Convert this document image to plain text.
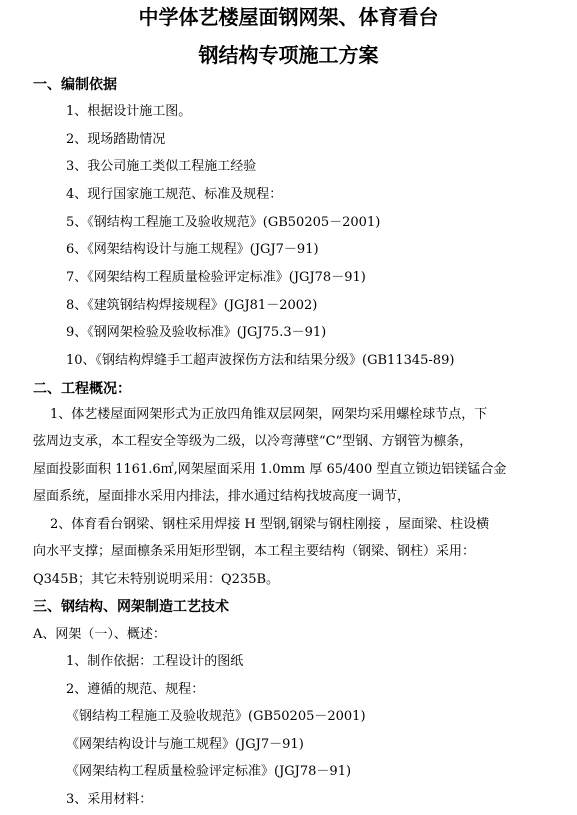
中学体艺楼屋面钢网架、体育看台
钢结构专项施工方案
一、编制依据
1、根据设计施工图。
2、现场踏勘情况
3、我公司施工类似工程施工经验
4、现行国家施工规范、标准及规程：
5、《钢结构工程施工及验收规范》(GB50205－2001)
6、《网架结构设计与施工规程》(JGJ7－91)
7、《网架结构工程质量检验评定标准》(JGJ78－91)
8、《建筑钢结构焊接规程》(JGJ81－2002)
9、《钢网架检验及验收标准》(JGJ75.3－91)
10、《钢结构焊缝手工超声波探伤方法和结果分级》(GB11345-89)
二、工程概况：
1、体艺楼屋面网架形式为正放四角锥双层网架，网架均采用螺栓球节点，下
弦周边支承，本工程安全等级为二级，以冷弯薄壁“C”型钢、方钢管为檩条，
屋面投影面积 1161.6㎡,网架屋面采用 1.0mm 厚 65/400 型直立锁边铝镁锰合金
屋面系统，屋面排水采用内排法，排水通过结构找坡高度一调节，
2、体育看台钢梁、钢柱采用焊接 H 型钢,钢梁与钢柱刚接 ，屋面梁、柱设横
向水平支撑；屋面檩条采用矩形型钢，本工程主要结构（钢梁、钢柱）采用：
Q345B；其它未特别说明采用：Q235B。
三、钢结构、网架制造工艺技术
A、网架（一）、概述：
1、制作依据：工程设计的图纸
2、遵循的规范、规程：
《钢结构工程施工及验收规范》(GB50205－2001)
《网架结构设计与施工规程》(JGJ7－91)
《网架结构工程质量检验评定标准》(JGJ78－91)
3、采用材料：
